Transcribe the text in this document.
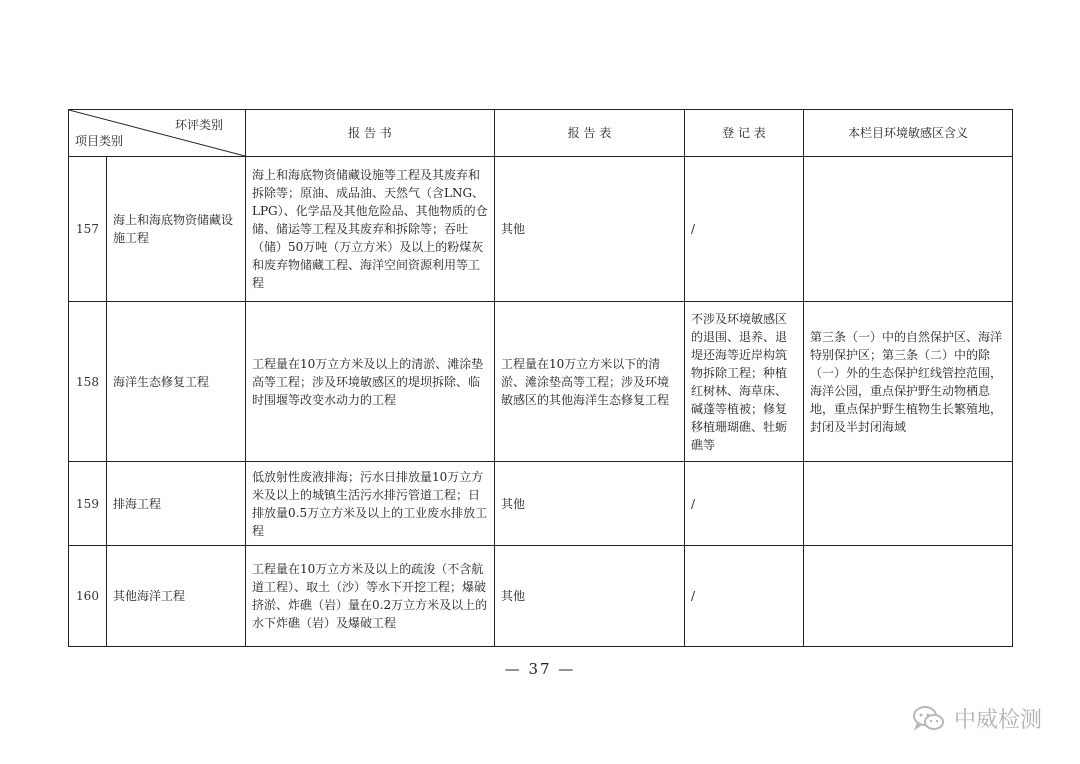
环评类别
项目类别		报 告 书	报 告 表	登 记 表	本栏目环境敏感区含义
157	海上和海底物资储藏设施工程	海上和海底物资储藏设施等工程及其废弃和拆除等；原油、成品油、天然气（含LNG、LPG）、化学品及其他危险品、其他物质的仓储、储运等工程及其废弃和拆除等；吞吐（储）50万吨（万立方米）及以上的粉煤灰和废弃物储藏工程、海洋空间资源利用等工程	其他	/	
158	海洋生态修复工程	工程量在10万立方米及以上的清淤、滩涂垫高等工程；涉及环境敏感区的堤坝拆除、临时围堰等改变水动力的工程	工程量在10万立方米以下的清淤、滩涂垫高等工程；涉及环境敏感区的其他海洋生态修复工程	不涉及环境敏感区的退围、退养、退堤还海等近岸构筑物拆除工程；种植红树林、海草床、碱蓬等植被；修复移植珊瑚礁、牡蛎礁等	第三条（一）中的自然保护区、海洋特别保护区；第三条（二）中的除（一）外的生态保护红线管控范围，海洋公园，重点保护野生动物栖息地，重点保护野生植物生长繁殖地，封闭及半封闭海域
159	排海工程	低放射性废液排海；污水日排放量10万立方米及以上的城镇生活污水排污管道工程；日排放量0.5万立方米及以上的工业废水排放工程	其他	/	
160	其他海洋工程	工程量在10万立方米及以上的疏浚（不含航道工程）、取土（沙）等水下开挖工程；爆破挤淤、炸礁（岩）量在0.2万立方米及以上的水下炸礁（岩）及爆破工程	其他	/	
— 37 —
中威检测
